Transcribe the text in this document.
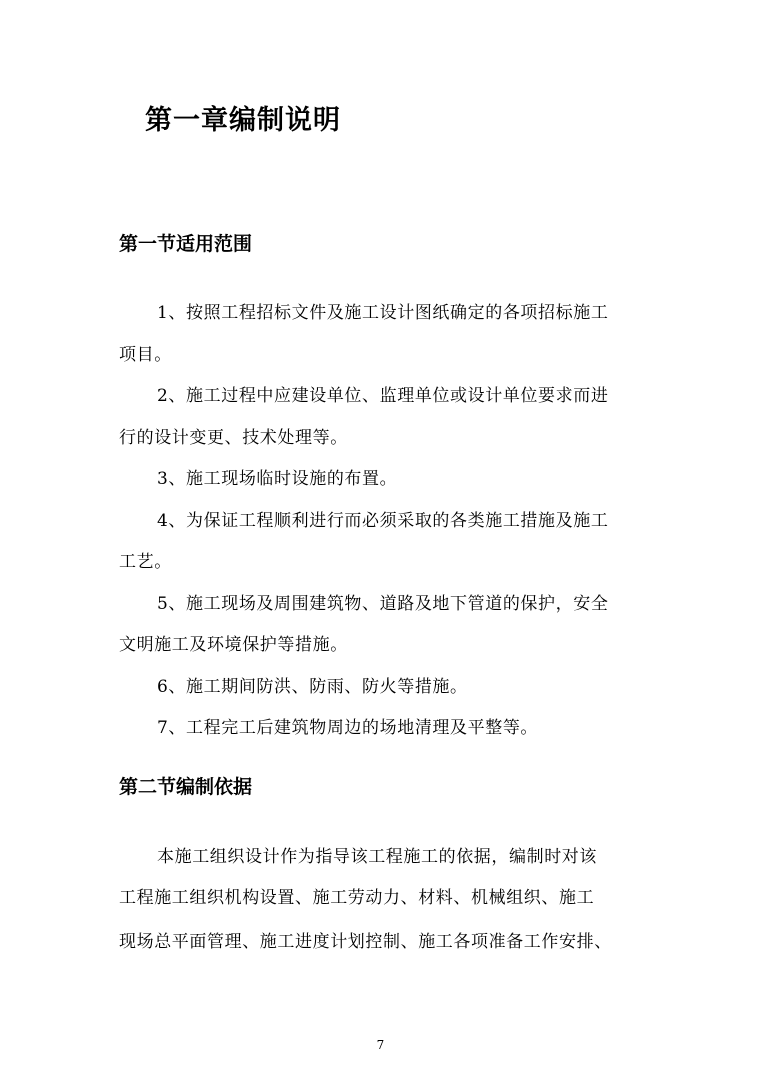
第一章编制说明
第一节适用范围
1、按照工程招标文件及施工设计图纸确定的各项招标施工
项目。
2、施工过程中应建设单位、监理单位或设计单位要求而进
行的设计变更、技术处理等。
3、施工现场临时设施的布置。
4、为保证工程顺利进行而必须采取的各类施工措施及施工
工艺。
5、施工现场及周围建筑物、道路及地下管道的保护，安全
文明施工及环境保护等措施。
6、施工期间防洪、防雨、防火等措施。
7、工程完工后建筑物周边的场地清理及平整等。
第二节编制依据
本施工组织设计作为指导该工程施工的依据，编制时对该
工程施工组织机构设置、施工劳动力、材料、机械组织、施工
现场总平面管理、施工进度计划控制、施工各项准备工作安排、
7
